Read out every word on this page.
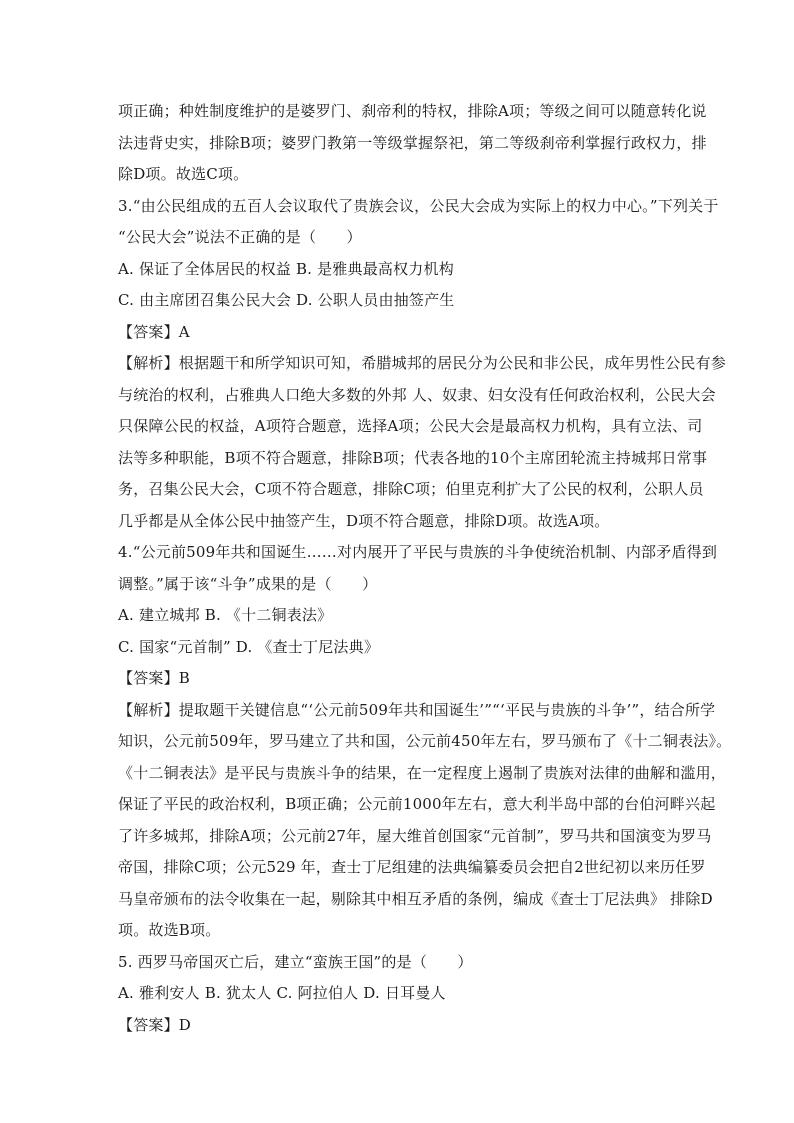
项正确；种姓制度维护的是婆罗门、刹帝利的特权，排除A项；等级之间可以随意转化说
法违背史实，排除B项；婆罗门教第一等级掌握祭祀，第二等级刹帝利掌握行政权力，排
除D项。故选C项。
3.“由公民组成的五百人会议取代了贵族会议，公民大会成为实际上的权力中心。”下列关于
“公民大会”说法不正确的是（　　）
A. 保证了全体居民的权益 B. 是雅典最高权力机构
C. 由主席团召集公民大会 D. 公职人员由抽签产生
【答案】A
【解析】根据题干和所学知识可知，希腊城邦的居民分为公民和非公民，成年男性公民有参
与统治的权利，占雅典人口绝大多数的外邦 人、奴隶、妇女没有任何政治权利，公民大会
只保障公民的权益，A项符合题意，选择A项；公民大会是最高权力机构，具有立法、司
法等多种职能，B项不符合题意，排除B项；代表各地的10个主席团轮流主持城邦日常事
务，召集公民大会，C项不符合题意，排除C项；伯里克利扩大了公民的权利，公职人员
几乎都是从全体公民中抽签产生，D项不符合题意，排除D项。故选A项。
4.“公元前509年共和国诞生……对内展开了平民与贵族的斗争使统治机制、内部矛盾得到
调整。”属于该“斗争”成果的是（　　）
A. 建立城邦 B. 《十二铜表法》
C. 国家“元首制” D. 《查士丁尼法典》
【答案】B
【解析】提取题干关键信息“‘公元前509年共和国诞生’”“‘平民与贵族的斗争’”，结合所学
知识，公元前509年，罗马建立了共和国，公元前450年左右，罗马颁布了《十二铜表法》。
《十二铜表法》是平民与贵族斗争的结果，在一定程度上遏制了贵族对法律的曲解和滥用，
保证了平民的政治权利，B项正确；公元前1000年左右，意大利半岛中部的台伯河畔兴起
了许多城邦，排除A项；公元前27年，屋大维首创国家“元首制”，罗马共和国演变为罗马
帝国，排除C项；公元529 年，查士丁尼组建的法典编纂委员会把自2世纪初以来历任罗
马皇帝颁布的法令收集在一起，剔除其中相互矛盾的条例，编成《查士丁尼法典》 排除D
项。故选B项。
5. 西罗马帝国灭亡后，建立“蛮族王国”的是（　　）
A. 雅利安人 B. 犹太人 C. 阿拉伯人 D. 日耳曼人
【答案】D
